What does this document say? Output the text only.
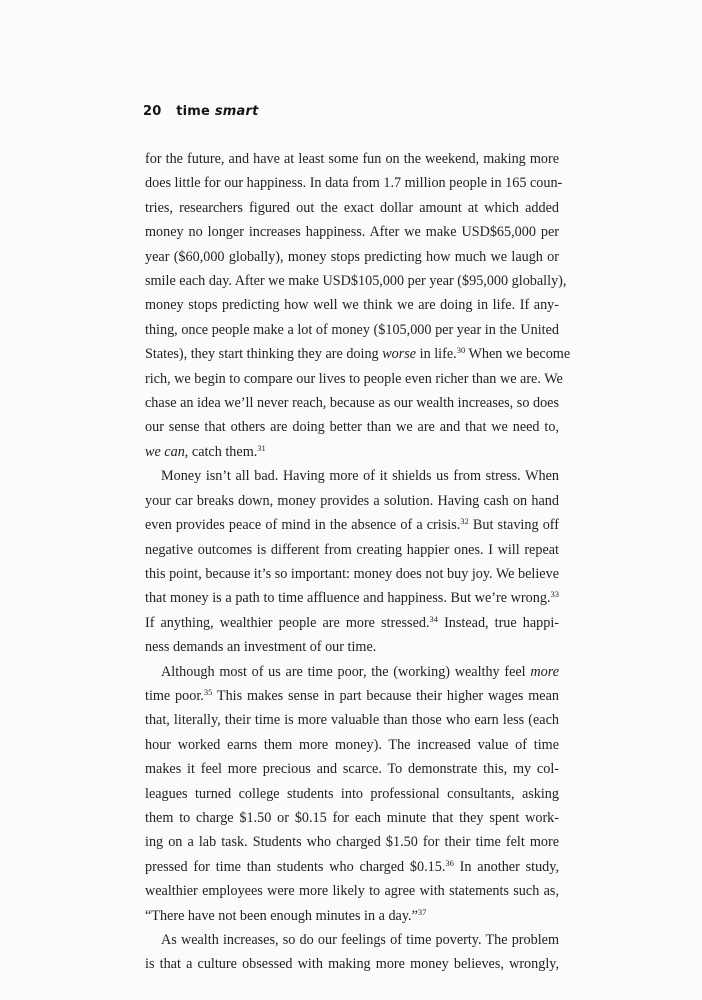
20 time smart
for the future, and have at least some fun on the weekend, making more
does little for our happiness. In data from 1.7 million people in 165 coun-
tries, researchers figured out the exact dollar amount at which added
money no longer increases happiness. After we make USD$65,000 per
year ($60,000 globally), money stops predicting how much we laugh or
smile each day. After we make USD$105,000 per year ($95,000 globally),
money stops predicting how well we think we are doing in life. If any-
thing, once people make a lot of money ($105,000 per year in the United
States), they start thinking they are doing worse in life.$^{30}$ When we become
rich, we begin to compare our lives to people even richer than we are. We
chase an idea we’ll never reach, because as our wealth increases, so does
our sense that others are doing better than we are and that we need to,
we can, catch them.$^{31}$
Money isn’t all bad. Having more of it shields us from stress. When
your car breaks down, money provides a solution. Having cash on hand
even provides peace of mind in the absence of a crisis.$^{32}$ But staving off
negative outcomes is different from creating happier ones. I will repeat
this point, because it’s so important: money does not buy joy. We believe
that money is a path to time affluence and happiness. But we’re wrong.$^{33}$
If anything, wealthier people are more stressed.$^{34}$ Instead, true happi-
ness demands an investment of our time.
Although most of us are time poor, the (working) wealthy feel more
time poor.$^{35}$ This makes sense in part because their higher wages mean
that, literally, their time is more valuable than those who earn less (each
hour worked earns them more money). The increased value of time
makes it feel more precious and scarce. To demonstrate this, my col-
leagues turned college students into professional consultants, asking
them to charge $1.50 or $0.15 for each minute that they spent work-
ing on a lab task. Students who charged $1.50 for their time felt more
pressed for time than students who charged $0.15.36 In another study,
wealthier employees were more likely to agree with statements such as,
“There have not been enough minutes in a day.”$^{37}$
As wealth increases, so do our feelings of time poverty. The problem
is that a culture obsessed with making more money believes, wrongly,
